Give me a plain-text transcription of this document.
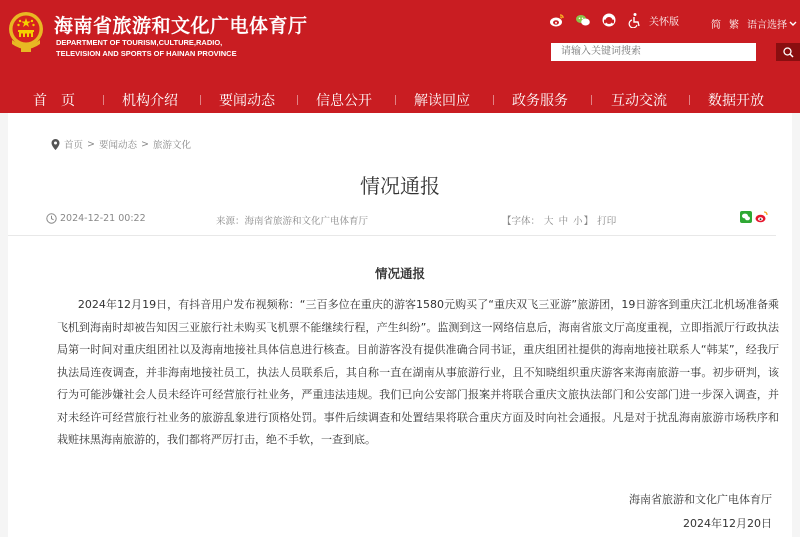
海南省旅游和文化广电体育厅
DEPARTMENT OF TOURISM,CULTURE,RADIO,
TELEVISION AND SPORTS OF HAINAN PROVINCE
关怀版	简 繁 语言选择
请输入关键词搜索
首　页	机构介绍	要闻动态	信息公开	解读回应	政务服务	互动交流	数据开放
首页 > 要闻动态 > 旅游文化
情况通报
2024-12-21 00:22	来源：海南省旅游和文化广电体育厅	【字体： 大 中 小】 打印
情况通报

2024年12月19日，有抖音用户发布视频称：“三百多位在重庆的游客1580元购买了“重庆双飞三亚游”旅游团，19日游客到重庆江北机场准备乘飞机到海南时却被告知因三亚旅行社未购买飞机票不能继续行程，产生纠纷”。监测到这一网络信息后，海南省旅文厅高度重视，立即指派厅行政执法局第一时间对重庆组团社以及海南地接社具体信息进行核查。目前游客没有提供准确合同书证，重庆组团社提供的海南地接社联系人“韩某”，经我厅执法局连夜调查，并非海南地接社员工，执法人员联系后，其自称一直在湖南从事旅游行业，且不知晓组织重庆游客来海南旅游一事。初步研判，该行为可能涉嫌社会人员未经许可经营旅行社业务，严重违法违规。我们已向公安部门报案并将联合重庆文旅执法部门和公安部门进一步深入调查，并对未经许可经营旅行社业务的旅游乱象进行顶格处罚。事件后续调查和处置结果将联合重庆方面及时向社会通报。凡是对于扰乱海南旅游市场秩序和栽赃抹黑海南旅游的，我们都将严厉打击，绝不手软，一查到底。

海南省旅游和文化广电体育厅
2024年12月20日
